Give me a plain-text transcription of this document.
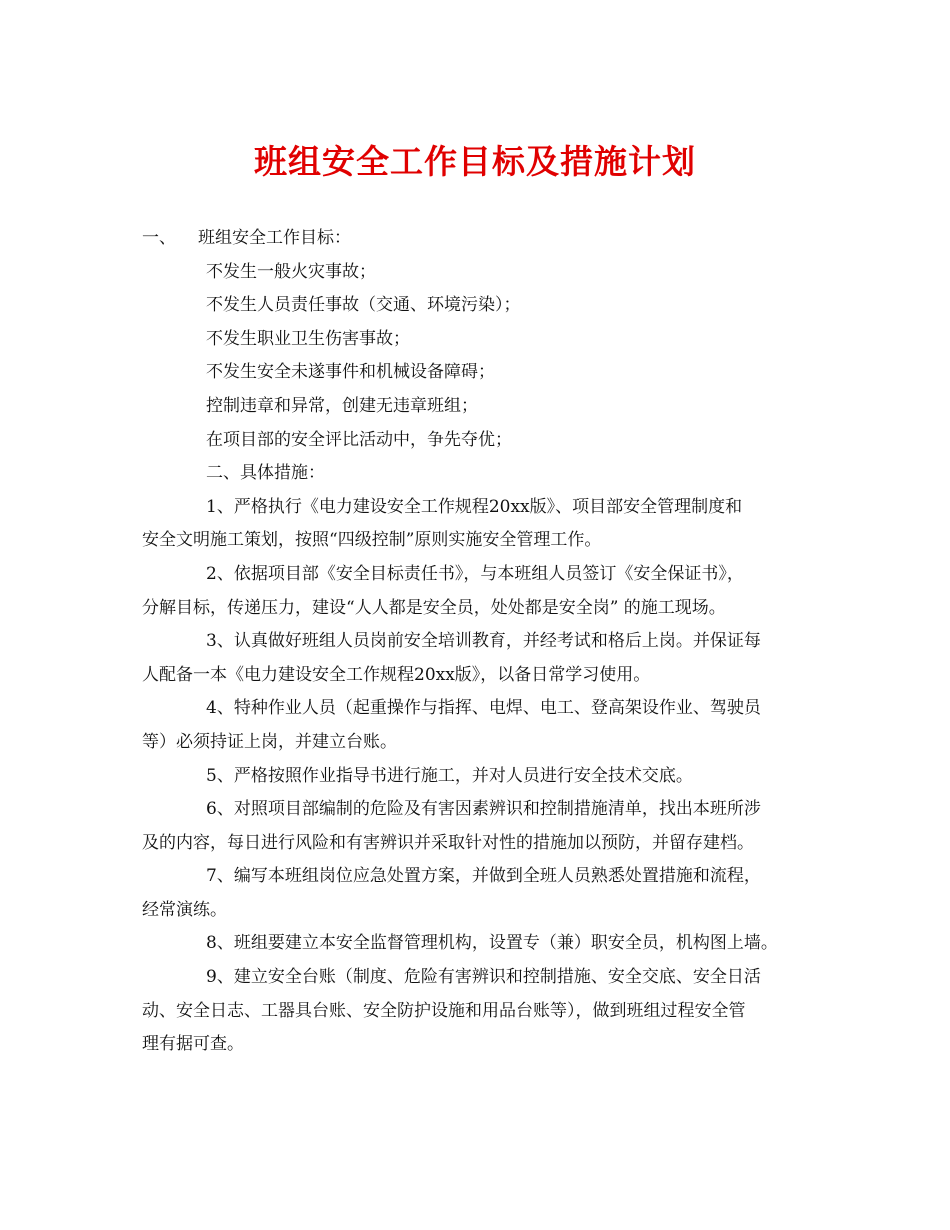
班组安全工作目标及措施计划

一、 班组安全工作目标：

不发生一般火灾事故；

不发生人员责任事故（交通、环境污染）；

不发生职业卫生伤害事故；

不发生安全未遂事件和机械设备障碍；

控制违章和异常，创建无违章班组；

在项目部的安全评比活动中，争先夺优；

二、具体措施：

1、严格执行《电力建设安全工作规程20xx版》、项目部安全管理制度和

安全文明施工策划，按照“四级控制”原则实施安全管理工作。

2、依据项目部《安全目标责任书》，与本班组人员签订《安全保证书》，

分解目标，传递压力，建设“人人都是安全员，处处都是安全岗” 的施工现场。

3、认真做好班组人员岗前安全培训教育，并经考试和格后上岗。并保证每

人配备一本《电力建设安全工作规程20xx版》，以备日常学习使用。

4、特种作业人员（起重操作与指挥、电焊、电工、登高架设作业、驾驶员

等）必须持证上岗，并建立台账。

5、严格按照作业指导书进行施工，并对人员进行安全技术交底。

6、对照项目部编制的危险及有害因素辨识和控制措施清单，找出本班所涉

及的内容，每日进行风险和有害辨识并采取针对性的措施加以预防，并留存建档。

7、编写本班组岗位应急处置方案，并做到全班人员熟悉处置措施和流程，

经常演练。

8、班组要建立本安全监督管理机构，设置专（兼）职安全员，机构图上墙。

9、建立安全台账（制度、危险有害辨识和控制措施、安全交底、安全日活

动、安全日志、工器具台账、安全防护设施和用品台账等），做到班组过程安全管

理有据可查。
